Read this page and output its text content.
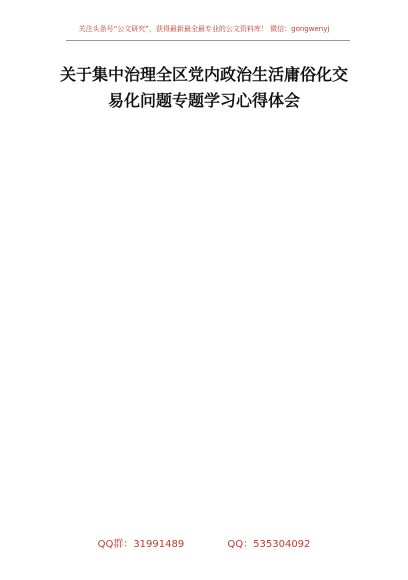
关注头条号“公文研究”，获得最新最全最专业的公文资料库！ 微信：gongwenyj
关于集中治理全区党内政治生活庸俗化交
易化问题专题学习心得体会
QQ群：31991489	QQ：535304092
